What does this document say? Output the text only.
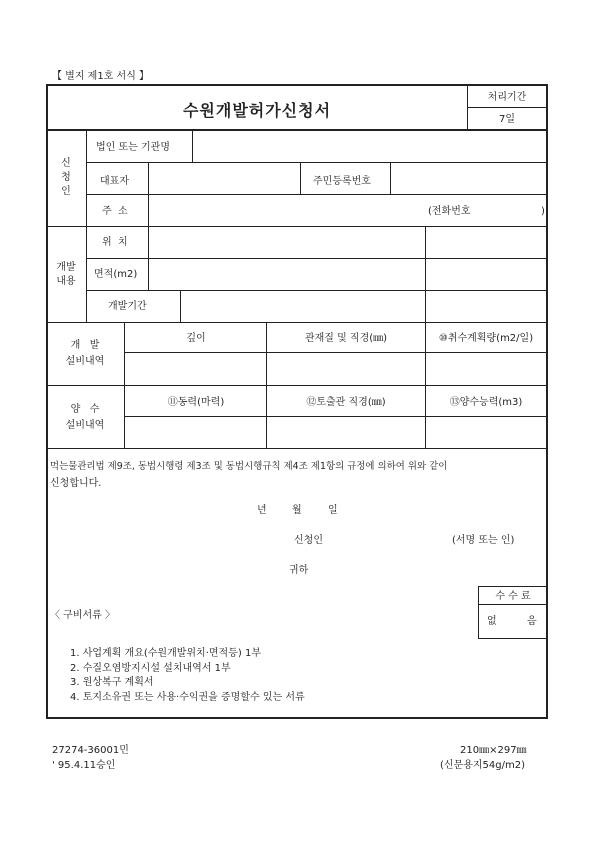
【 별지 제1호 서식 】
수원개발허가신청서
처리기간
7일
신
청
인
법인 또는 기관명
대표자	주민등록번호
주  소	(전화번호	)
개발
내용
위  치
면적(m2)
개발기간
개   발
설비내역
깊이	관재질 및 직경(㎜)	⑩취수계획량(m2/일)
양   수
설비내역
⑪동력(마력)	⑫토출관 직경(㎜)	⑬양수능력(m3)
먹는물관리법 제9조, 동법시행령 제3조 및 동법시행규칙 제4조 제1항의 규정에 의하여 위와 같이
신청합니다.
년	월	일
신청인	(서명 또는 인)
귀하
수 수 료
없	음
〈 구비서류 〉
1. 사업계획 개요(수원개발위치·면적등) 1부
2. 수질오염방지시설 설치내역서 1부
3. 원상복구 계획서
4. 토지소유권 또는 사용·수익권을 증명할수 있는 서류
27274-36001민
' 95.4.11승인
210㎜×297㎜
(신문용지54g/m2)
